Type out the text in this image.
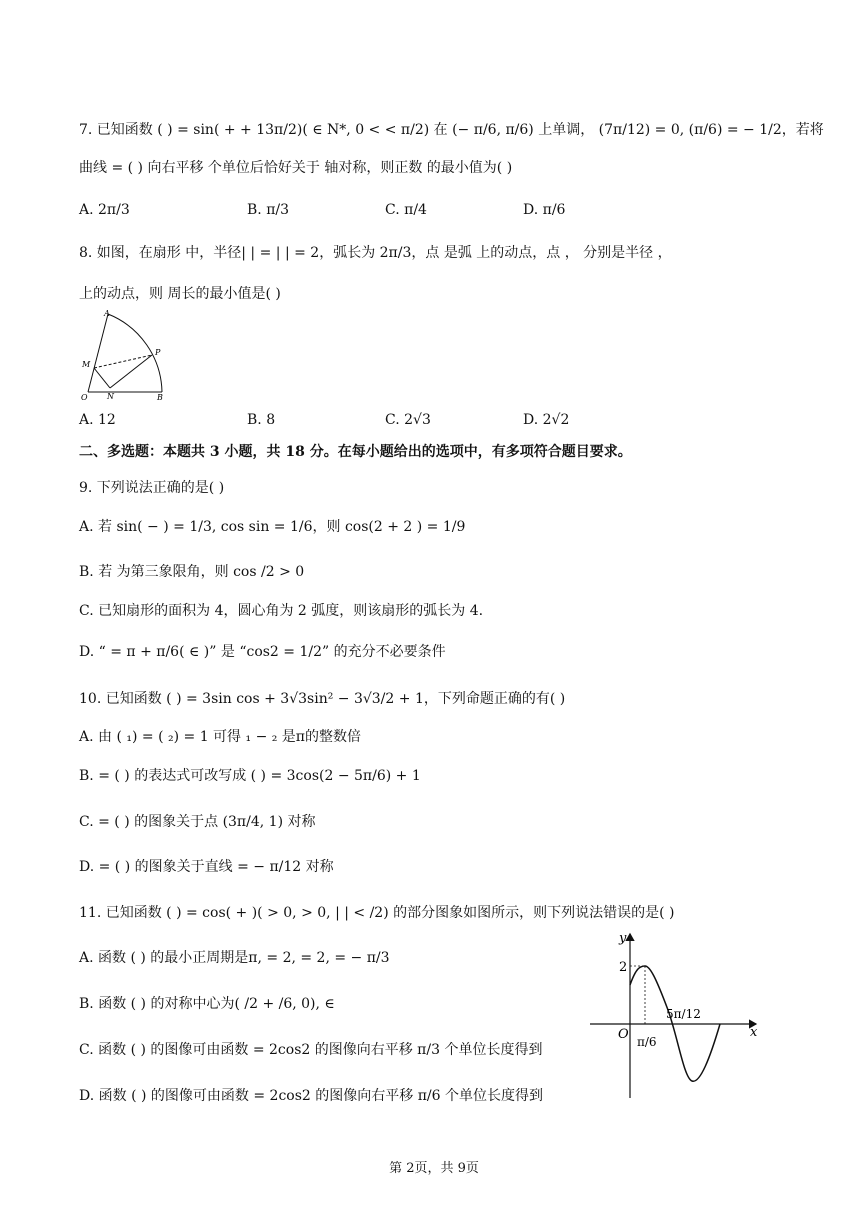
7. 已知函数 ( ) = sin( + + 13π/2)( ∈ N*, 0 < < π/2) 在 (− π/6, π/6) 上单调， (7π/12) = 0, (π/6) = − 1/2，若将
曲线 = ( ) 向右平移 个单位后恰好关于 轴对称，则正数 的最小值为( )
A. 2π/3	B. π/3	C. π/4	D. π/6
8. 如图，在扇形 中，半径| | = | | = 2，弧长为 2π/3，点 是弧 上的动点，点 ， 分别是半径 ，
上的动点，则 周长的最小值是( )
A
M
P
O N	B
A. 12	B. 8	C. 2√3	D. 2√2
二、多选题：本题共 3 小题，共 18 分。在每小题给出的选项中，有多项符合题目要求。
9. 下列说法正确的是( )
A. 若 sin( − ) = 1/3, cos sin = 1/6，则 cos(2 + 2 ) = 1/9
B. 若 为第三象限角，则 cos /2 > 0
C. 已知扇形的面积为 4，圆心角为 2 弧度，则该扇形的弧长为 4.
D. “ = π + π/6( ∈ )” 是 “cos2 = 1/2” 的充分不必要条件
10. 已知函数 ( ) = 3sin cos + 3√3sin² − 3√3/2 + 1，下列命题正确的有( )
A. 由 ( ₁) = ( ₂) = 1 可得 ₁ − ₂ 是π的整数倍
B. = ( ) 的表达式可改写成 ( ) = 3cos(2 − 5π/6) + 1
C. = ( ) 的图象关于点 (3π/4, 1) 对称
D. = ( ) 的图象关于直线 = − π/12 对称
11. 已知函数 ( ) = cos( + )( > 0, > 0, | | < /2) 的部分图象如图所示，则下列说法错误的是( )
A. 函数 ( ) 的最小正周期是π, = 2, = 2, = − π/3
B. 函数 ( ) 的对称中心为( /2 + /6, 0), ∈
C. 函数 ( ) 的图像可由函数 = 2cos2 的图像向右平移 π/3 个单位长度得到
D. 函数 ( ) 的图像可由函数 = 2cos2 的图像向右平移 π/6 个单位长度得到
x
y
O
2
π/6
5π/12
第 2页，共 9页
